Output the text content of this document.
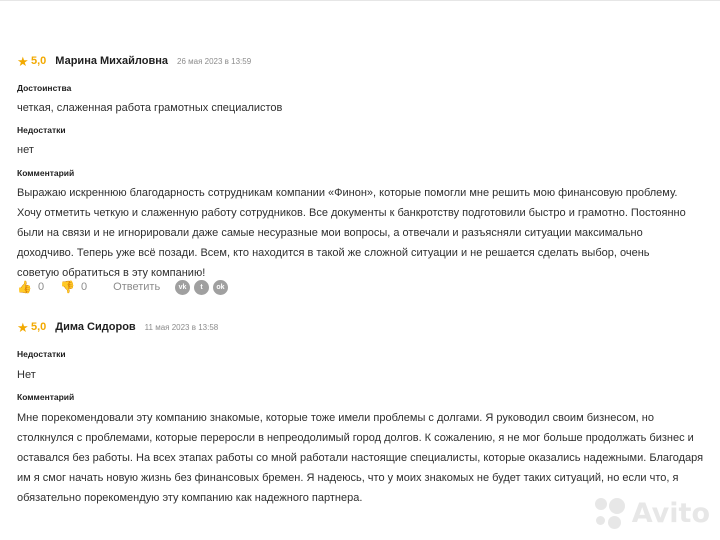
★ 5,0 Марина Михайловна 26 мая 2023 в 13:59
Достоинства
четкая, слаженная работа грамотных специалистов
Недостатки
нет
Комментарий
Выражаю искреннюю благодарность сотрудникам компании «Финон», которые помогли мне решить мою финансовую проблему. Хочу отметить четкую и слаженную работу сотрудников. Все документы к банкротству подготовили быстро и грамотно. Постоянно были на связи и не игнорировали даже самые несуразные мои вопросы, а отвечали и разъясняли ситуации максимально доходчиво. Теперь уже всё позади. Всем, кто находится в такой же сложной ситуации и не решается сделать выбор, очень советую обратиться в эту компанию!
👍 0 👎 0 Ответить	vk	t	ok
★ 5,0 Дима Сидоров 11 мая 2023 в 13:58
Недостатки
Нет
Комментарий
Мне порекомендовали эту компанию знакомые, которые тоже имели проблемы с долгами. Я руководил своим бизнесом, но столкнулся с проблемами, которые переросли в непреодолимый город долгов. К сожалению, я не мог больше продолжать бизнес и оставался без работы. На всех этапах работы со мной работали настоящие специалисты, которые оказались надежными. Благодаря им я смог начать новую жизнь без финансовых бремен. Я надеюсь, что у моих знакомых не будет таких ситуаций, но если что, я обязательно порекомендую эту компанию как надежного партнера.	Avito
